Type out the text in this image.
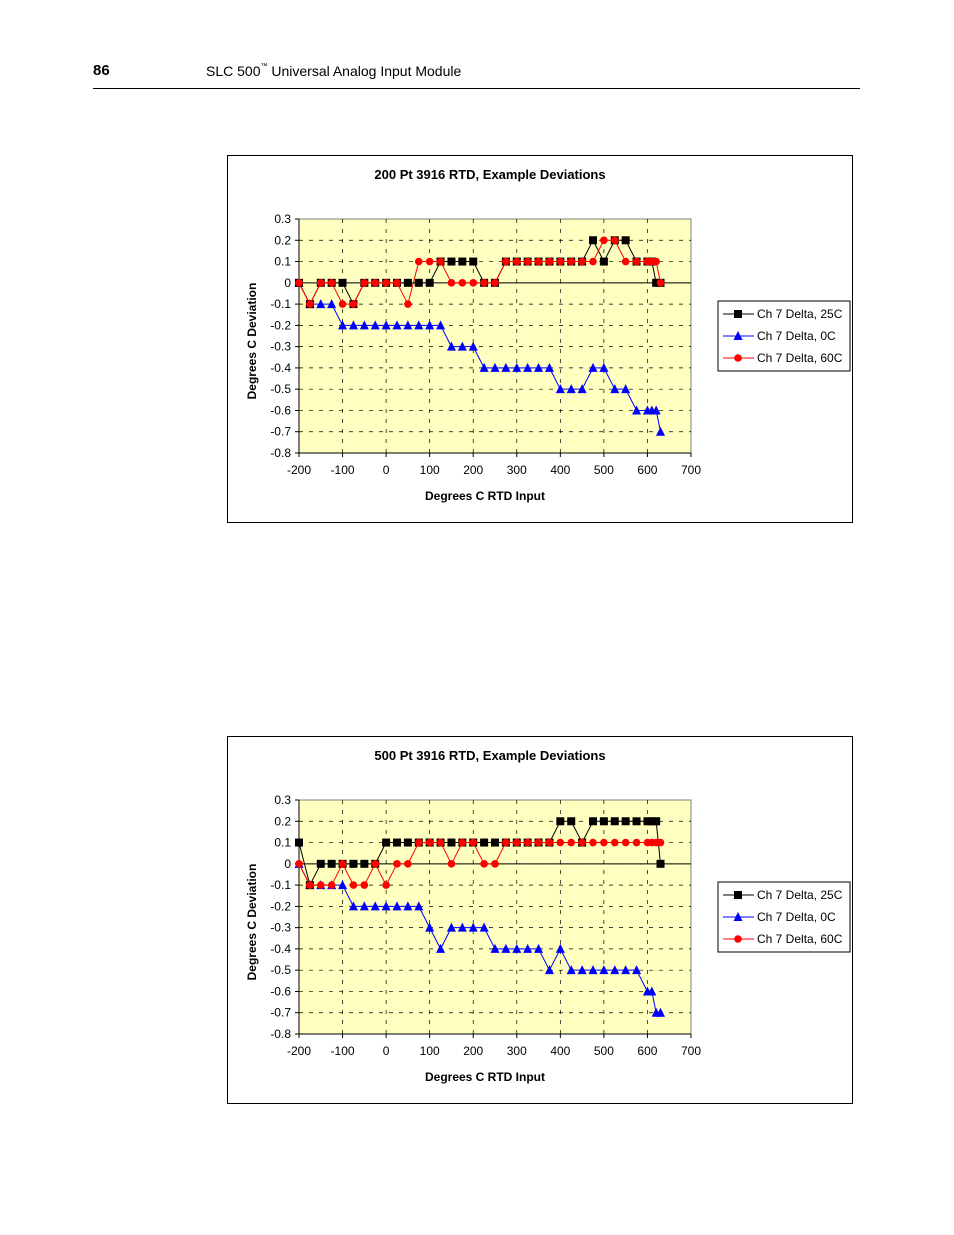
86	SLC 500™ Universal Analog Input Module
200 Pt 3916 RTD, Example Deviations
0.3
0.2
0.1
0
-0.1
-0.2
-0.3
-0.4
-0.5
-0.6
-0.7
-0.8
-200 -100 0	100 200 300 400 500 600 700
Degrees C RTD Input
Degrees C Deviation	Ch 7 Delta, 25C
Ch 7 Delta, 0C
Ch 7 Delta, 60C
500 Pt 3916 RTD, Example Deviations
0.3
0.2
0.1
0
-0.1
-0.2
-0.3
-0.4
-0.5
-0.6
-0.7
-0.8
-200 -100 0	100 200 300 400 500 600 700
Degrees C RTD Input
Degrees C Deviation	Ch 7 Delta, 25C
Ch 7 Delta, 0C
Ch 7 Delta, 60C
